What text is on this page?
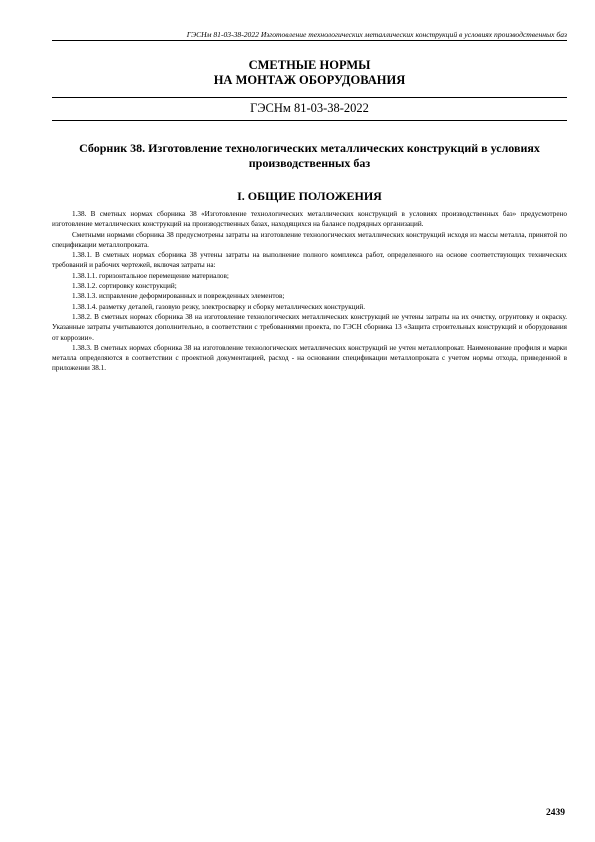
ГЭСНм 81-03-38-2022 Изготовление технологических металлических конструкций в условиях производственных баз
СМЕТНЫЕ НОРМЫ
НА МОНТАЖ ОБОРУДОВАНИЯ
ГЭСНм 81-03-38-2022
Сборник 38. Изготовление технологических металлических конструкций в условиях производственных баз
I. ОБЩИЕ ПОЛОЖЕНИЯ

1.38. В сметных нормах сборника 38 «Изготовление технологических металлических конструкций в условиях производственных баз» предусмотрено изготовление металлических конструкций на производственных базах, находящихся на балансе подрядных организаций.

Сметными нормами сборника 38 предусмотрены затраты на изготовление технологических металлических конструкций исходя из массы металла, принятой по спецификации металлопроката.

1.38.1. В сметных нормах сборника 38 учтены затраты на выполнение полного комплекса работ, определенного на основе соответствующих технических требований и рабочих чертежей, включая затраты на:

1.38.1.1. горизонтальное перемещение материалов;

1.38.1.2. сортировку конструкций;

1.38.1.3. исправление деформированных и поврежденных элементов;

1.38.1.4. разметку деталей, газовую резку, электросварку и сборку металлических конструкций.

1.38.2. В сметных нормах сборника 38 на изготовление технологических металлических конструкций не учтены затраты на их очистку, огрунтовку и окраску. Указанные затраты учитываются дополнительно, в соответствии с требованиями проекта, по ГЭСН сборника 13 «Защита строительных конструкций и оборудования от коррозии».

1.38.3. В сметных нормах сборника 38 на изготовление технологических металлических конструкций не учтен металлопрокат. Наименование профиля и марки металла определяются в соответствии с проектной документацией, расход - на основании спецификации металлопроката с учетом нормы отхода, приведенной в приложении 38.1.

2439
